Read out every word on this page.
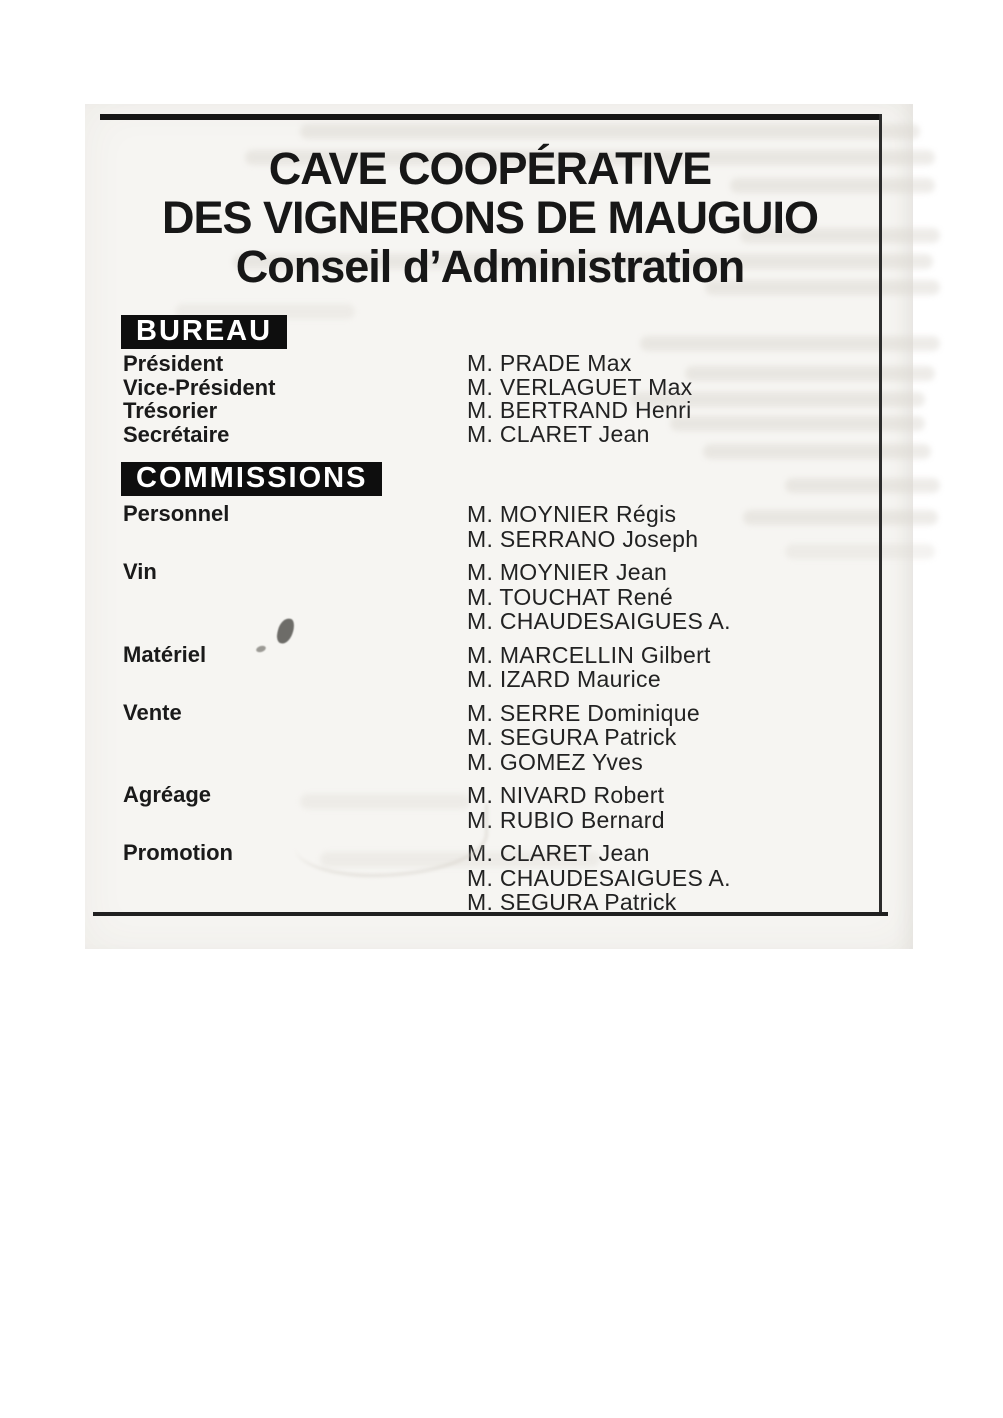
CAVE COOPÉRATIVE
DES VIGNERONS DE MAUGUIO
Conseil d’Administration
BUREAU
Président	M. PRADE Max
Vice-Président	M. VERLAGUET Max
Trésorier	M. BERTRAND Henri
Secrétaire	M. CLARET Jean
COMMISSIONS
Personnel	M. MOYNIER Régis
M. SERRANO Joseph
Vin	M. MOYNIER Jean
M. TOUCHAT René
M. CHAUDESAIGUES A.
Matériel	M. MARCELLIN Gilbert
M. IZARD Maurice
Vente	M. SERRE Dominique
M. SEGURA Patrick
M. GOMEZ Yves
Agréage	M. NIVARD Robert
M. RUBIO Bernard
Promotion	M. CLARET Jean
M. CHAUDESAIGUES A.
M. SEGURA Patrick
